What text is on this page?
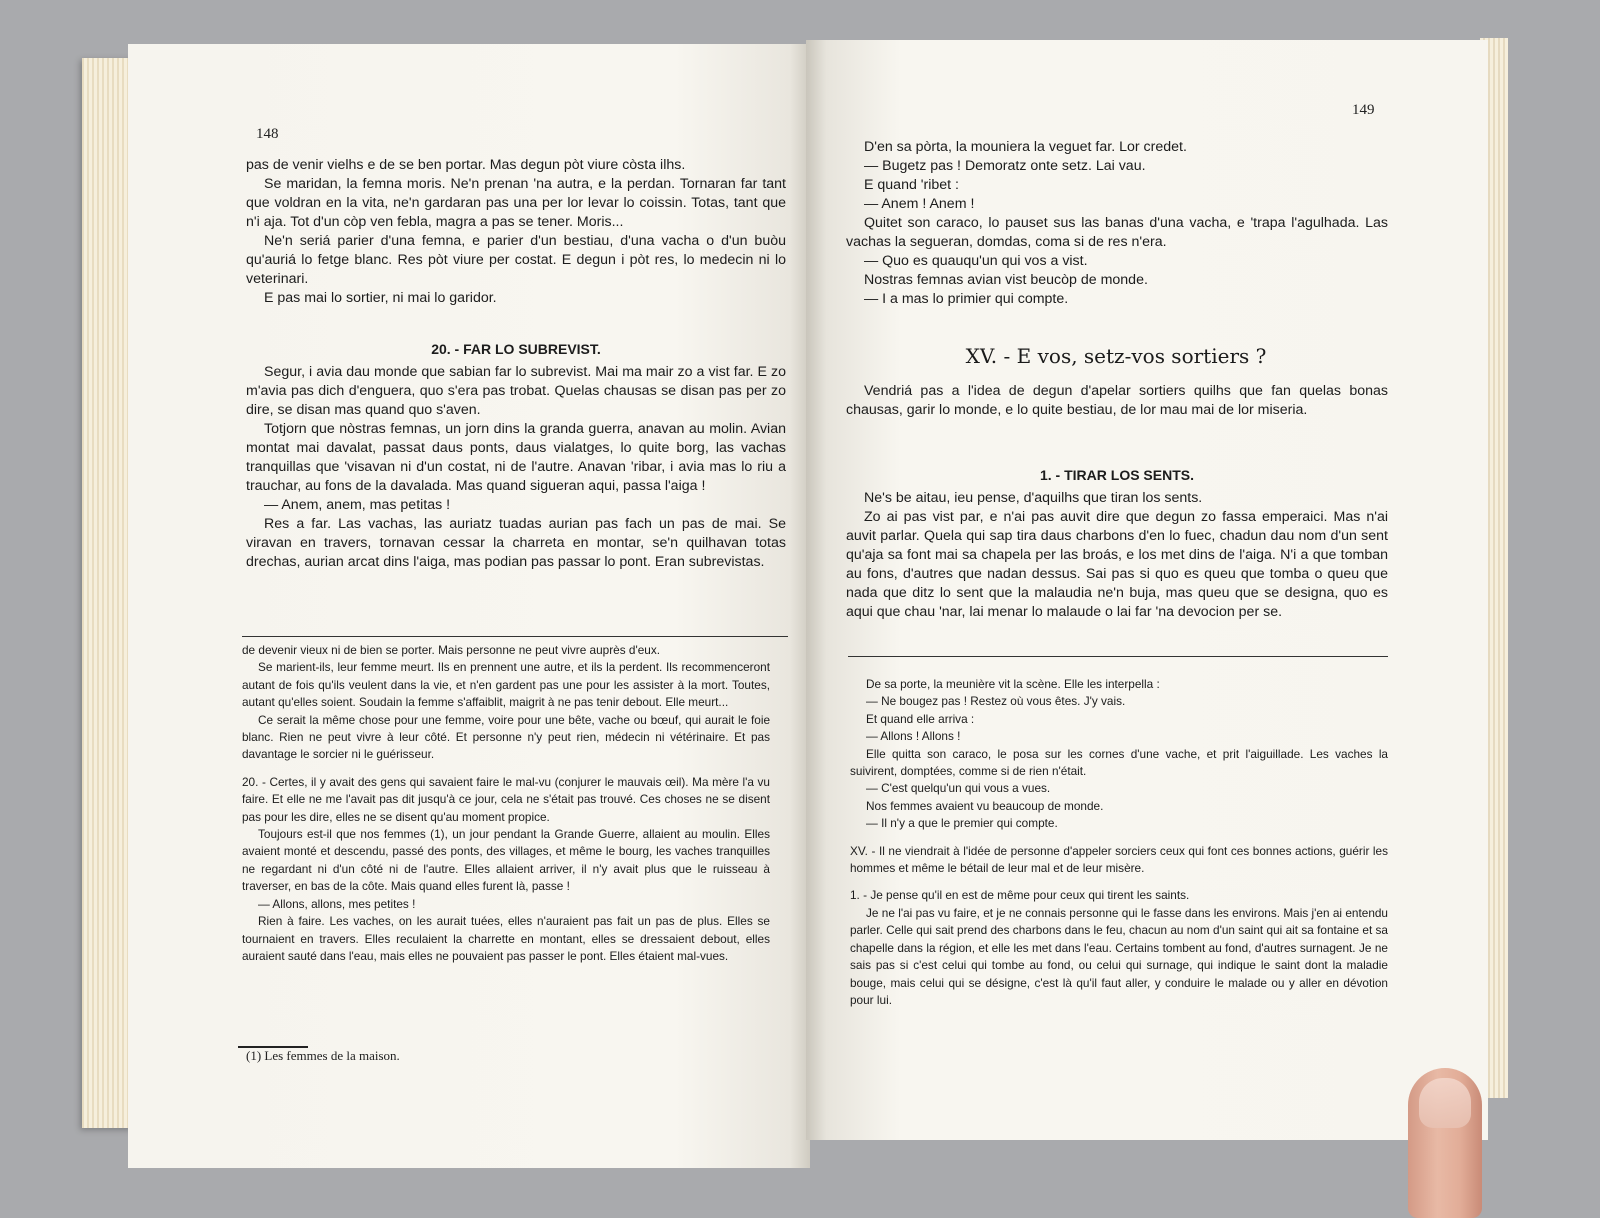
148

pas de venir vielhs e de se ben portar. Mas degun pòt viure còsta ilhs.

Se maridan, la femna moris. Ne'n prenan 'na autra, e la perdan. Tornaran far tant que voldran en la vita, ne'n gardaran pas una per lor levar lo coissin. Totas, tant que n'i aja. Tot d'un còp ven febla, magra a pas se tener. Moris...

Ne'n seriá parier d'una femna, e parier d'un bestiau, d'una vacha o d'un buòu qu'auriá lo fetge blanc. Res pòt viure per costat. E degun i pòt res, lo medecin ni lo veterinari.

E pas mai lo sortier, ni mai lo garidor.

20. - FAR LO SUBREVIST.

Segur, i avia dau monde que sabian far lo subrevist. Mai ma mair zo a vist far. E zo m'avia pas dich d'enguera, quo s'era pas trobat. Quelas chausas se disan pas per zo dire, se disan mas quand quo s'aven.

Totjorn que nòstras femnas, un jorn dins la granda guerra, anavan au molin. Avian montat mai davalat, passat daus ponts, daus vialatges, lo quite borg, las vachas tranquillas que 'visavan ni d'un costat, ni de l'autre. Anavan 'ribar, i avia mas lo riu a trauchar, au fons de la davalada. Mas quand sigueran aqui, passa l'aiga !

— Anem, anem, mas petitas !

Res a far. Las vachas, las auriatz tuadas aurian pas fach un pas de mai. Se viravan en travers, tornavan cessar la charreta en montar, se'n quilhavan totas drechas, aurian arcat dins l'aiga, mas podian pas passar lo pont. Eran subrevistas.

de devenir vieux ni de bien se porter. Mais personne ne peut vivre auprès d'eux.

Se marient-ils, leur femme meurt. Ils en prennent une autre, et ils la perdent. Ils recommenceront autant de fois qu'ils veulent dans la vie, et n'en gardent pas une pour les assister à la mort. Toutes, autant qu'elles soient. Soudain la femme s'affaiblit, maigrit à ne pas tenir debout. Elle meurt...

Ce serait la même chose pour une femme, voire pour une bête, vache ou bœuf, qui aurait le foie blanc. Rien ne peut vivre à leur côté. Et personne n'y peut rien, médecin ni vétérinaire. Et pas davantage le sorcier ni le guérisseur.

20. - Certes, il y avait des gens qui savaient faire le mal-vu (conjurer le mauvais œil). Ma mère l'a vu faire. Et elle ne me l'avait pas dit jusqu'à ce jour, cela ne s'était pas trouvé. Ces choses ne se disent pas pour les dire, elles ne se disent qu'au moment propice.

Toujours est-il que nos femmes (1), un jour pendant la Grande Guerre, allaient au moulin. Elles avaient monté et descendu, passé des ponts, des villages, et même le bourg, les vaches tranquilles ne regardant ni d'un côté ni de l'autre. Elles allaient arriver, il n'y avait plus que le ruisseau à traverser, en bas de la côte. Mais quand elles furent là, passe !

— Allons, allons, mes petites !

Rien à faire. Les vaches, on les aurait tuées, elles n'auraient pas fait un pas de plus. Elles se tournaient en travers. Elles reculaient la charrette en montant, elles se dressaient debout, elles auraient sauté dans l'eau, mais elles ne pouvaient pas passer le pont. Elles étaient mal-vues.

(1) Les femmes de la maison.
149

D'en sa pòrta, la mouniera la veguet far. Lor credet.

— Bugetz pas ! Demoratz onte setz. Lai vau.

E quand 'ribet :

— Anem ! Anem !

Quitet son caraco, lo pauset sus las banas d'una vacha, e 'trapa l'agulhada. Las vachas la segueran, domdas, coma si de res n'era.

— Quo es quauqu'un qui vos a vist.

Nostras femnas avian vist beucòp de monde.

— I a mas lo primier qui compte.

XV. - E vos, setz-vos sortiers ?

Vendriá pas a l'idea de degun d'apelar sortiers quilhs que fan quelas bonas chausas, garir lo monde, e lo quite bestiau, de lor mau mai de lor miseria.

1. - TIRAR LOS SENTS.

Ne's be aitau, ieu pense, d'aquilhs que tiran los sents.

Zo ai pas vist par, e n'ai pas auvit dire que degun zo fassa emperaici. Mas n'ai auvit parlar. Quela qui sap tira daus charbons d'en lo fuec, chadun dau nom d'un sent qu'aja sa font mai sa chapela per las broás, e los met dins de l'aiga. N'i a que tomban au fons, d'autres que nadan dessus. Sai pas si quo es queu que tomba o queu que nada que ditz lo sent que la malaudia ne'n buja, mas queu que se designa, quo es aqui que chau 'nar, lai menar lo malaude o lai far 'na devocion per se.

De sa porte, la meunière vit la scène. Elle les interpella :

— Ne bougez pas ! Restez où vous êtes. J'y vais.

Et quand elle arriva :

— Allons ! Allons !

Elle quitta son caraco, le posa sur les cornes d'une vache, et prit l'aiguillade. Les vaches la suivirent, domptées, comme si de rien n'était.

— C'est quelqu'un qui vous a vues.

Nos femmes avaient vu beaucoup de monde.

— Il n'y a que le premier qui compte.

XV. - Il ne viendrait à l'idée de personne d'appeler sorciers ceux qui font ces bonnes actions, guérir les hommes et même le bétail de leur mal et de leur misère.

1. - Je pense qu'il en est de même pour ceux qui tirent les saints.

Je ne l'ai pas vu faire, et je ne connais personne qui le fasse dans les environs. Mais j'en ai entendu parler. Celle qui sait prend des charbons dans le feu, chacun au nom d'un saint qui ait sa fontaine et sa chapelle dans la région, et elle les met dans l'eau. Certains tombent au fond, d'autres surnagent. Je ne sais pas si c'est celui qui tombe au fond, ou celui qui surnage, qui indique le saint dont la maladie bouge, mais celui qui se désigne, c'est là qu'il faut aller, y conduire le malade ou y aller en dévotion pour lui.
